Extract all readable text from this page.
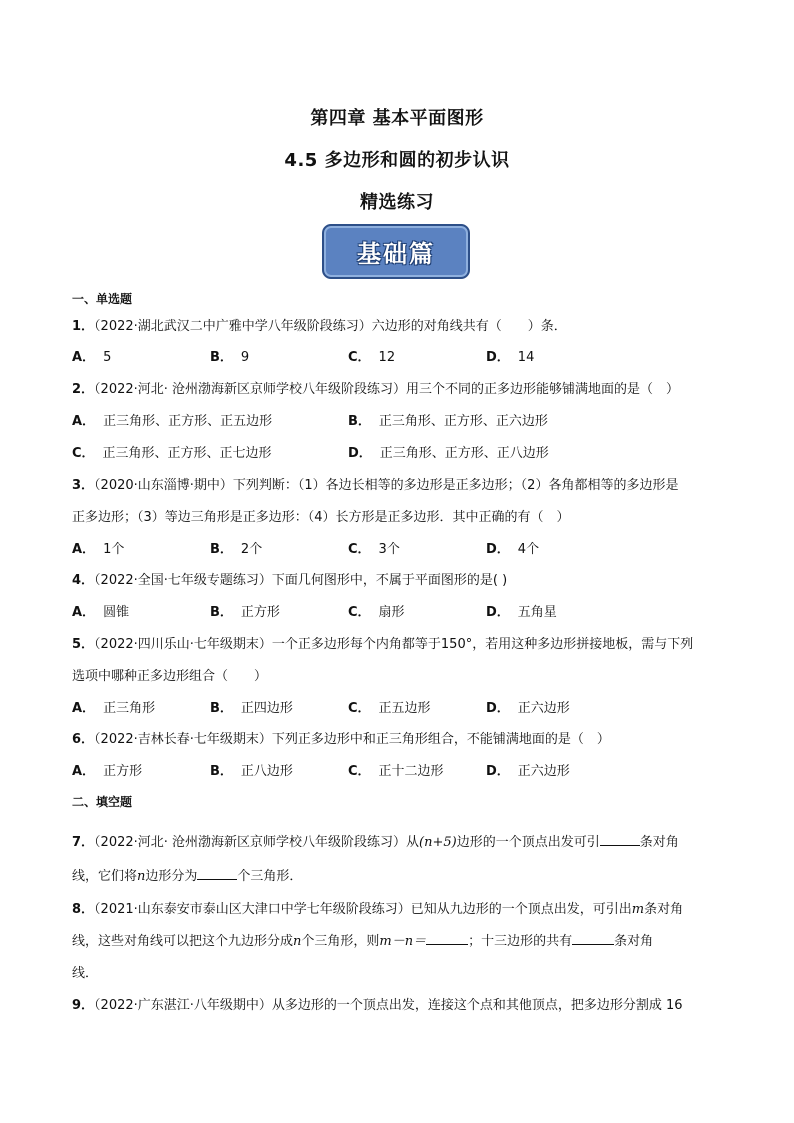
第四章 基本平面图形
4.5 多边形和圆的初步认识
精选练习
基础篇
一、单选题
1．（2022·湖北武汉二中广雅中学八年级阶段练习）六边形的对角线共有（　　）条．
A． 5	B． 9	C． 12	D． 14
2．（2022·河北· 沧州渤海新区京师学校八年级阶段练习）用三个不同的正多边形能够铺满地面的是（　）
A． 正三角形、正方形、正五边形	B． 正三角形、正方形、正六边形
C． 正三角形、正方形、正七边形	D． 正三角形、正方形、正八边形
3．（2020·山东淄博·期中）下列判断：（1）各边长相等的多边形是正多边形；（2）各角都相等的多边形是
正多边形；（3）等边三角形是正多边形：（4）长方形是正多边形．其中正确的有（　）
A． 1个	B． 2个	C． 3个	D． 4个
4．（2022·全国·七年级专题练习）下面几何图形中，不属于平面图形的是( )
A． 圆锥	B． 正方形	C． 扇形	D． 五角星
5．（2022·四川乐山·七年级期末）一个正多边形每个内角都等于150°，若用这种多边形拼接地板，需与下列
选项中哪种正多边形组合（　　）
A． 正三角形	B． 正四边形	C． 正五边形	D． 正六边形
6．（2022·吉林长春·七年级期末）下列正多边形中和正三角形组合，不能铺满地面的是（　）
A． 正方形	B． 正八边形	C． 正十二边形	D． 正六边形
二、填空题
7．（2022·河北· 沧州渤海新区京师学校八年级阶段练习）从(n+5)边形的一个顶点出发可引	条对角
线，它们将n边形分为	个三角形．
8．（2021·山东泰安市泰山区大津口中学七年级阶段练习）已知从九边形的一个顶点出发，可引出m条对角
线，这些对角线可以把这个九边形分成n个三角形，则m－n＝	；十三边形的共有	条对角
线．
9．（2022·广东湛江·八年级期中）从多边形的一个顶点出发，连接这个点和其他顶点，把多边形分割成 16
